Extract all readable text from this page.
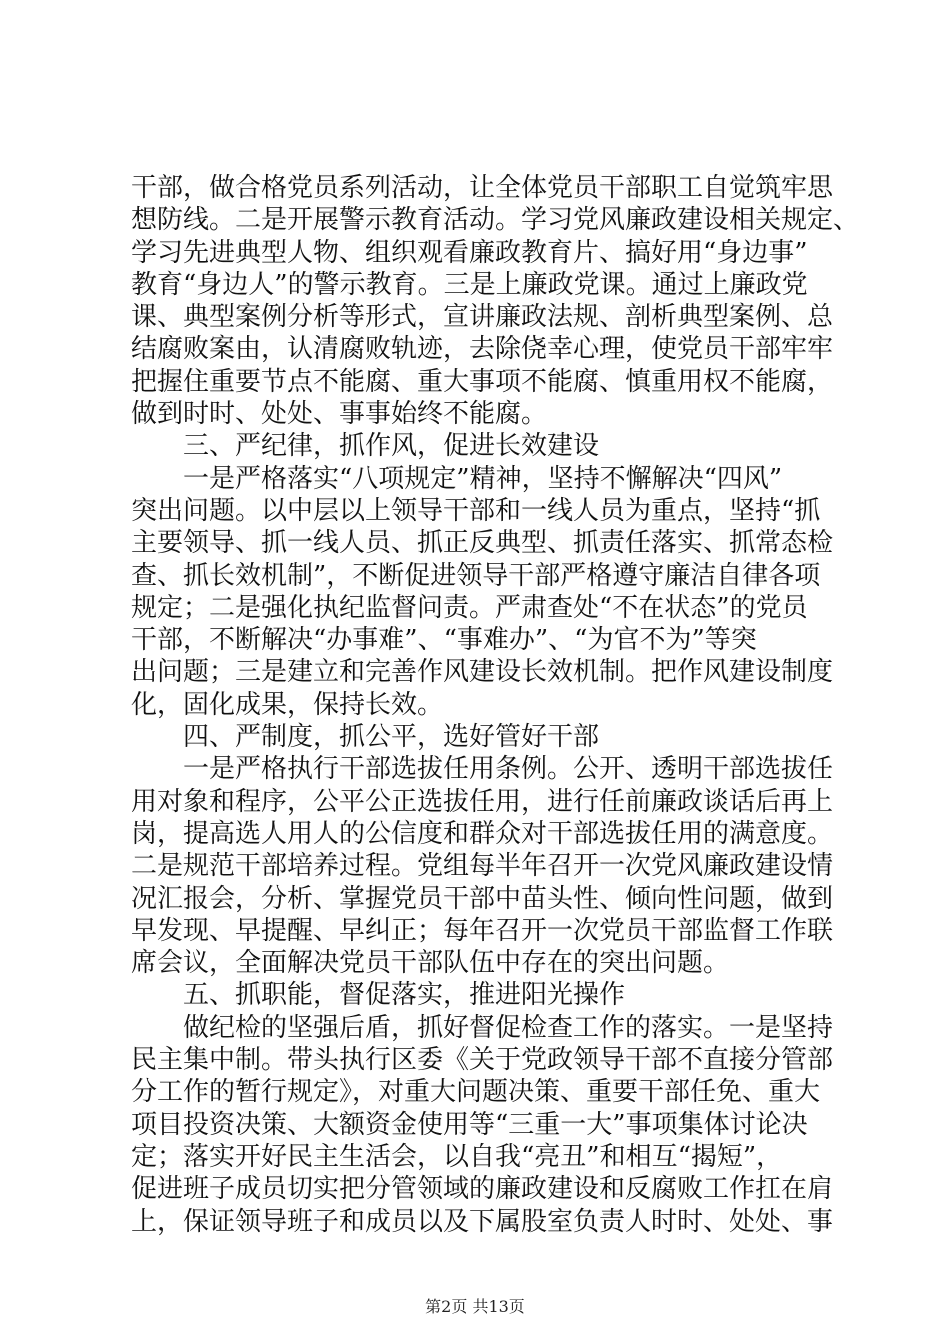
干部，做合格党员系列活动，让全体党员干部职工自觉筑牢思
想防线。二是开展警示教育活动。学习党风廉政建设相关规定、
学习先进典型人物、组织观看廉政教育片、搞好用“身边事”
教育“身边人”的警示教育。三是上廉政党课。通过上廉政党
课、典型案例分析等形式，宣讲廉政法规、剖析典型案例、总
结腐败案由，认清腐败轨迹，去除侥幸心理，使党员干部牢牢
把握住重要节点不能腐、重大事项不能腐、慎重用权不能腐，
做到时时、处处、事事始终不能腐。
　　三、严纪律，抓作风，促进长效建设
　　一是严格落实“八项规定”精神，坚持不懈解决“四风”
突出问题。以中层以上领导干部和一线人员为重点，坚持“抓
主要领导、抓一线人员、抓正反典型、抓责任落实、抓常态检
查、抓长效机制”，不断促进领导干部严格遵守廉洁自律各项
规定；二是强化执纪监督问责。严肃查处“不在状态”的党员
干部，不断解决“办事难”、“事难办”、“为官不为”等突
出问题；三是建立和完善作风建设长效机制。把作风建设制度
化，固化成果，保持长效。
　　四、严制度，抓公平，选好管好干部
　　一是严格执行干部选拔任用条例。公开、透明干部选拔任
用对象和程序，公平公正选拔任用，进行任前廉政谈话后再上
岗，提高选人用人的公信度和群众对干部选拔任用的满意度。
二是规范干部培养过程。党组每半年召开一次党风廉政建设情
况汇报会，分析、掌握党员干部中苗头性、倾向性问题，做到
早发现、早提醒、早纠正；每年召开一次党员干部监督工作联
席会议，全面解决党员干部队伍中存在的突出问题。
　　五、抓职能，督促落实，推进阳光操作
　　做纪检的坚强后盾，抓好督促检查工作的落实。一是坚持
民主集中制。带头执行区委《关于党政领导干部不直接分管部
分工作的暂行规定》，对重大问题决策、重要干部任免、重大
项目投资决策、大额资金使用等“三重一大”事项集体讨论决
定；落实开好民主生活会，以自我“亮丑”和相互“揭短”，
促进班子成员切实把分管领域的廉政建设和反腐败工作扛在肩
上，保证领导班子和成员以及下属股室负责人时时、处处、事
第2页 共13页
